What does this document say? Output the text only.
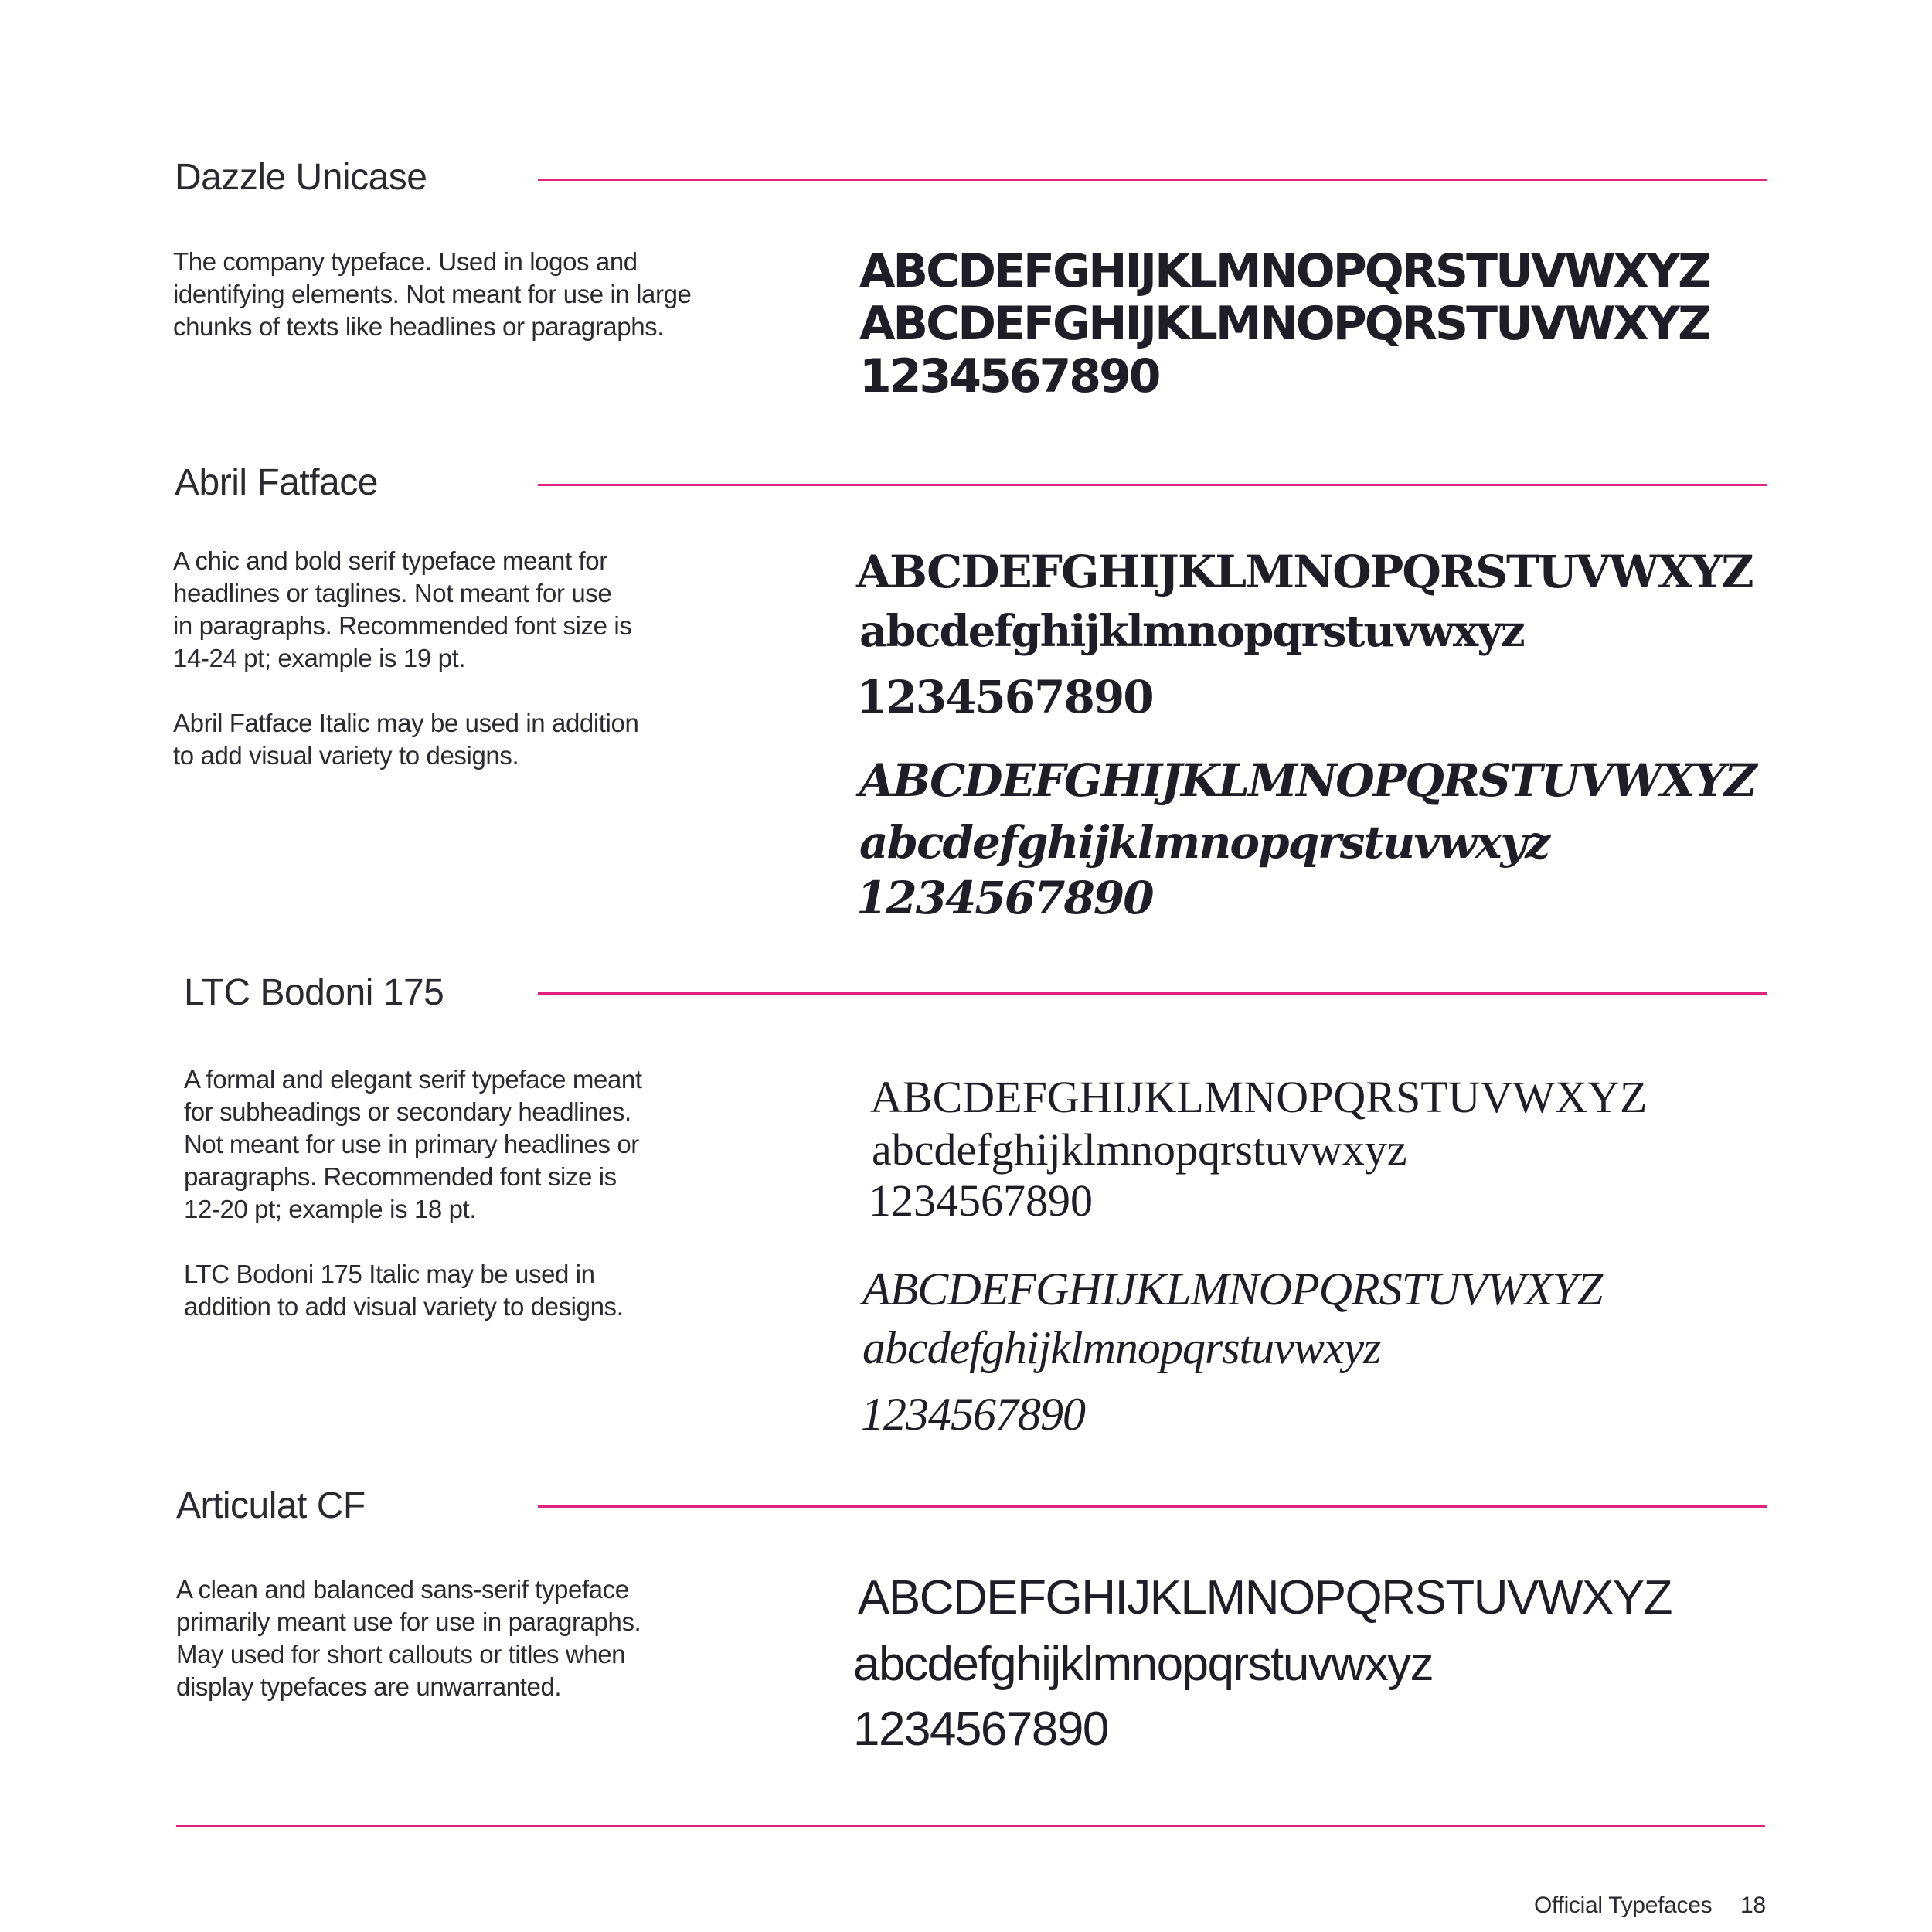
Dazzle Unicase

The company typeface. Used in logos and

identifying elements. Not meant for use in large

chunks of texts like headlines or paragraphs.

ABCDEFGHIJKLMNOPQRSTUVWXYZ
ABCDEFGHIJKLMNOPQRSTUVWXYZ
1234567890
Abril Fatface

A chic and bold serif typeface meant for

headlines or taglines. Not meant for use

in paragraphs. Recommended font size is

14-24 pt; example is 19 pt.

Abril Fatface Italic may be used in addition

to add visual variety to designs.

ABCDEFGHIJKLMNOPQRSTUVWXYZ
abcdefghijklmnopqrstuvwxyz
1234567890
ABCDEFGHIJKLMNOPQRSTUVWXYZ
abcdefghijklmnopqrstuvwxyz
1234567890
LTC Bodoni 175

A formal and elegant serif typeface meant

for subheadings or secondary headlines.

Not meant for use in primary headlines or

paragraphs. Recommended font size is

12-20 pt; example is 18 pt.

LTC Bodoni 175 Italic may be used in

addition to add visual variety to designs.

ABCDEFGHIJKLMNOPQRSTUVWXYZ
abcdefghijklmnopqrstuvwxyz
1234567890
ABCDEFGHIJKLMNOPQRSTUVWXYZ
abcdefghijklmnopqrstuvwxyz
1234567890
Articulat CF

A clean and balanced sans-serif typeface

primarily meant use for use in paragraphs.

May used for short callouts or titles when

display typefaces are unwarranted.

ABCDEFGHIJKLMNOPQRSTUVWXYZ
abcdefghijklmnopqrstuvwxyz
1234567890
Official Typefaces 18
